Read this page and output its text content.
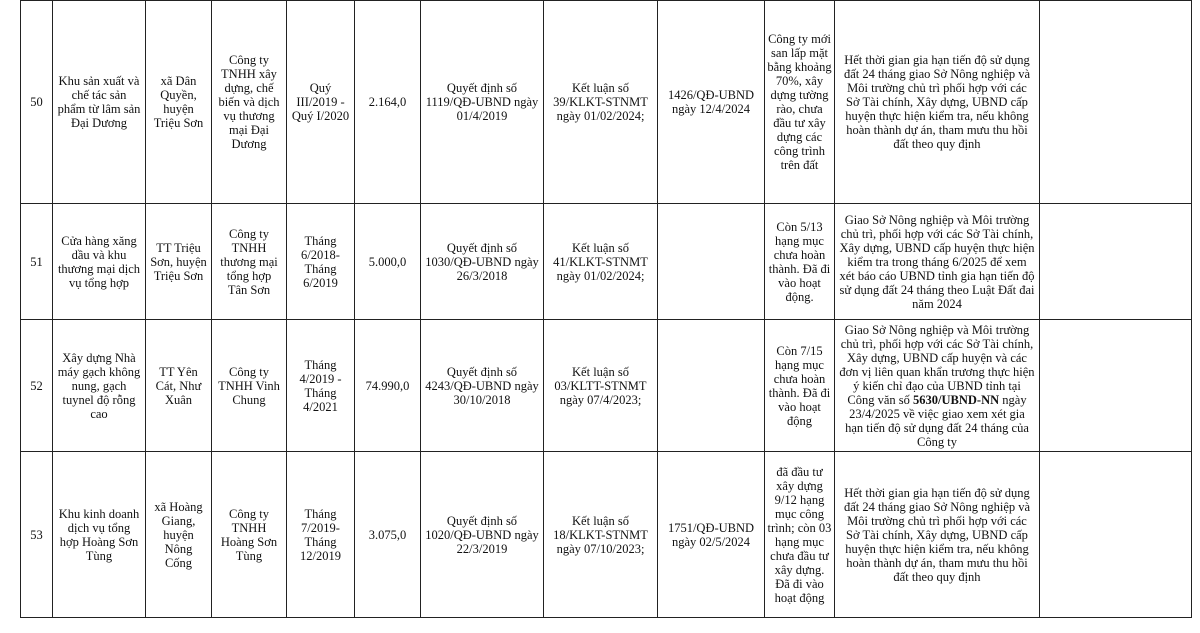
50	Khu sản xuất và chế tác sản phẩm từ lâm sản Đại Dương	xã Dân Quyền, huyện Triệu Sơn	Công ty TNHH xây dựng, chế biến và dịch vụ thương mại Đại Dương	Quý III/2019 - Quý I/2020	2.164,0	Quyết định số 1119/QĐ-UBND ngày 01/4/2019	Kết luận số 39/KLKT-STNMT ngày 01/02/2024;	1426/QĐ-UBND ngày 12/4/2024	Công ty mới san lấp mặt bằng khoảng 70%, xây dựng tường rào, chưa đầu tư xây dựng các công trình trên đất	Hết thời gian gia hạn tiến độ sử dụng đất 24 tháng giao Sở Nông nghiệp và Môi trường chủ trì phối hợp với các Sở Tài chính, Xây dựng, UBND cấp huyện thực hiện kiểm tra, nếu không hoàn thành dự án, tham mưu thu hồi đất theo quy định	
51	Cửa hàng xăng dầu và khu thương mại dịch vụ tổng hợp	TT Triệu Sơn, huyện Triệu Sơn	Công ty TNHH thương mại tổng hợp Tân Sơn	Tháng 6/2018- Tháng 6/2019	5.000,0	Quyết định số 1030/QĐ-UBND ngày 26/3/2018	Kết luận số 41/KLKT-STNMT ngày 01/02/2024;		Còn 5/13 hạng mục chưa hoàn thành. Đã đi vào hoạt động.	Giao Sở Nông nghiệp và Môi trường chủ trì, phối hợp với các Sở Tài chính, Xây dựng, UBND cấp huyện thực hiện kiểm tra trong tháng 6/2025 để xem xét báo cáo UBND tỉnh gia hạn tiến độ sử dụng đất 24 tháng theo Luật Đất đai năm 2024	
52	Xây dựng Nhà máy gạch không nung, gạch tuynel độ rỗng cao	TT Yên Cát, Như Xuân	Công ty TNHH Vinh Chung	Tháng 4/2019 - Tháng 4/2021	74.990,0	Quyết định số 4243/QĐ-UBND ngày 30/10/2018	Kết luận số 03/KLTT-STNMT ngày 07/4/2023;		Còn 7/15 hạng mục chưa hoàn thành. Đã đi vào hoạt động	Giao Sở Nông nghiệp và Môi trường chủ trì, phối hợp với các Sở Tài chính, Xây dựng, UBND cấp huyện và các đơn vị liên quan khẩn trương thực hiện ý kiến chỉ đạo của UBND tỉnh tại Công văn số 5630/UBND-NN ngày 23/4/2025 về việc giao xem xét gia hạn tiến độ sử dụng đất 24 tháng của Công ty	
53	Khu kinh doanh dịch vụ tổng hợp Hoàng Sơn Tùng	xã Hoàng Giang, huyện Nông Cống	Công ty TNHH Hoàng Sơn Tùng	Tháng 7/2019- Tháng 12/2019	3.075,0	Quyết định số 1020/QĐ-UBND ngày 22/3/2019	Kết luận số 18/KLKT-STNMT ngày 07/10/2023;	1751/QĐ-UBND ngày 02/5/2024	đã đầu tư xây dựng 9/12 hạng mục công trình; còn 03 hạng mục chưa đầu tư xây dựng. Đã đi vào hoạt động	Hết thời gian gia hạn tiến độ sử dụng đất 24 tháng giao Sở Nông nghiệp và Môi trường chủ trì phối hợp với các Sở Tài chính, Xây dựng, UBND cấp huyện thực hiện kiểm tra, nếu không hoàn thành dự án, tham mưu thu hồi đất theo quy định	
